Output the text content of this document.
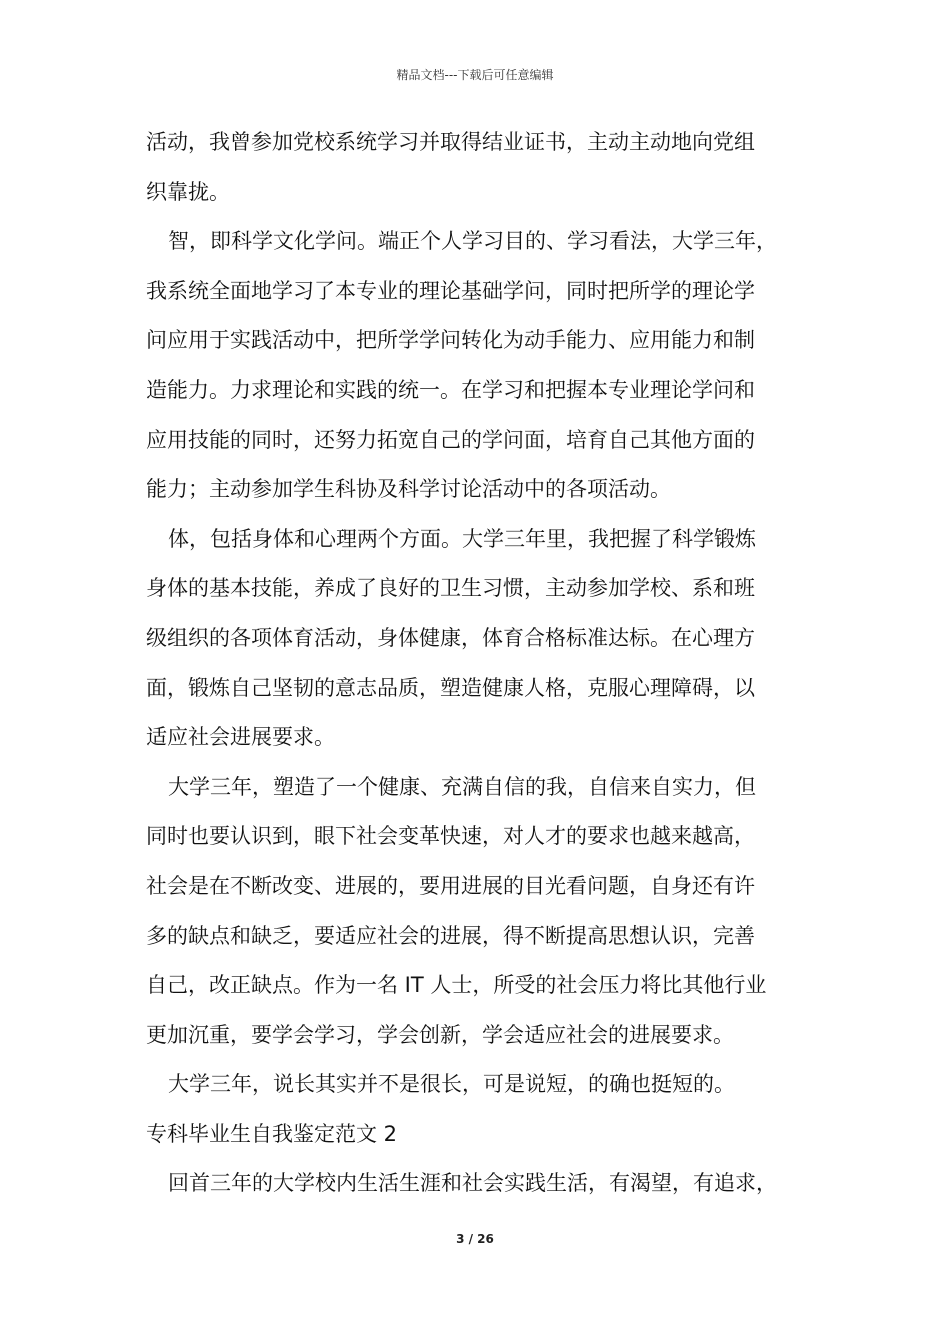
精品文档---下载后可任意编辑
活动，我曾参加党校系统学习并取得结业证书，主动主动地向党组
织靠拢。
智，即科学文化学问。端正个人学习目的、学习看法，大学三年，
我系统全面地学习了本专业的理论基础学问，同时把所学的理论学
问应用于实践活动中，把所学学问转化为动手能力、应用能力和制
造能力。力求理论和实践的统一。在学习和把握本专业理论学问和
应用技能的同时，还努力拓宽自己的学问面，培育自己其他方面的
能力；主动参加学生科协及科学讨论活动中的各项活动。
体，包括身体和心理两个方面。大学三年里，我把握了科学锻炼
身体的基本技能，养成了良好的卫生习惯，主动参加学校、系和班
级组织的各项体育活动，身体健康，体育合格标准达标。在心理方
面，锻炼自己坚韧的意志品质，塑造健康人格，克服心理障碍，以
适应社会进展要求。
大学三年，塑造了一个健康、充满自信的我，自信来自实力，但
同时也要认识到，眼下社会变革快速，对人才的要求也越来越高，
社会是在不断改变、进展的，要用进展的目光看问题，自身还有许
多的缺点和缺乏，要适应社会的进展，得不断提高思想认识，完善
自己，改正缺点。作为一名 IT 人士，所受的社会压力将比其他行业
更加沉重，要学会学习，学会创新，学会适应社会的进展要求。
大学三年，说长其实并不是很长，可是说短，的确也挺短的。
专科毕业生自我鉴定范文 2
回首三年的大学校内生活生涯和社会实践生活，有渴望，有追求，
3 / 26
